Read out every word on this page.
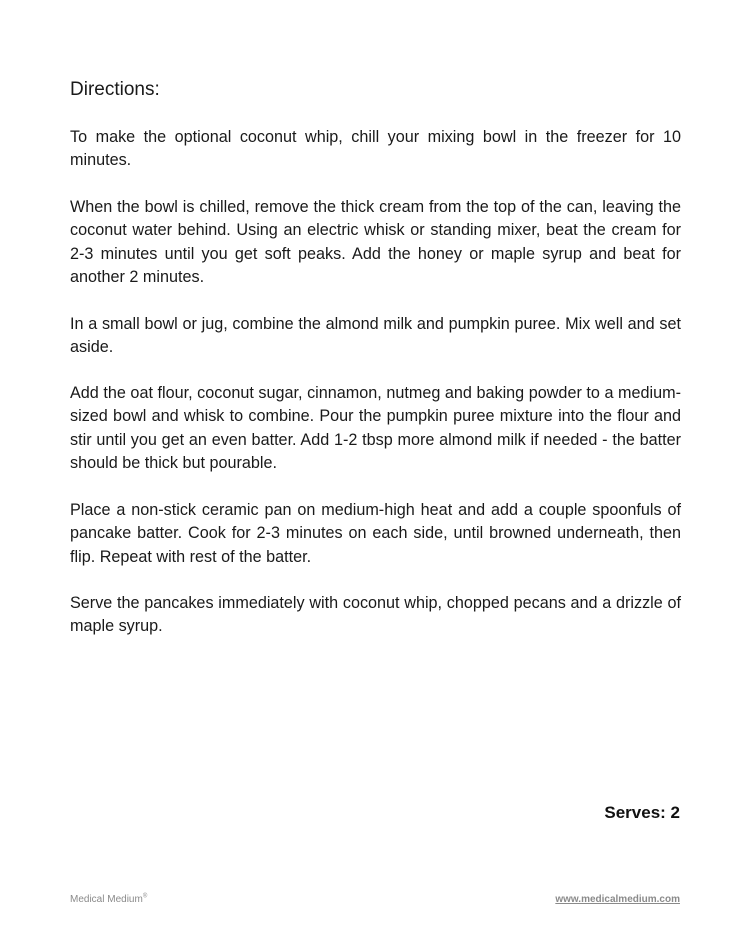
Directions:

To make the optional coconut whip, chill your mixing bowl in the freezer for 10 minutes.

When the bowl is chilled, remove the thick cream from the top of the can, leaving the coconut water behind. Using an electric whisk or standing mixer, beat the cream for 2-3 minutes until you get soft peaks. Add the honey or maple syrup and beat for another 2 minutes.

In a small bowl or jug, combine the almond milk and pumpkin puree. Mix well and set aside.

Add the oat flour, coconut sugar, cinnamon, nutmeg and baking powder to a medium-sized bowl and whisk to combine. Pour the pumpkin puree mixture into the flour and stir until you get an even batter. Add 1-2 tbsp more almond milk if needed - the batter should be thick but pourable.

Place a non-stick ceramic pan on medium-high heat and add a couple spoonfuls of pancake batter. Cook for 2-3 minutes on each side, until browned underneath, then flip. Repeat with rest of the batter.

Serve the pancakes immediately with coconut whip, chopped pecans and a drizzle of maple syrup.

Serves: 2

Medical Medium®	www.medicalmedium.com
